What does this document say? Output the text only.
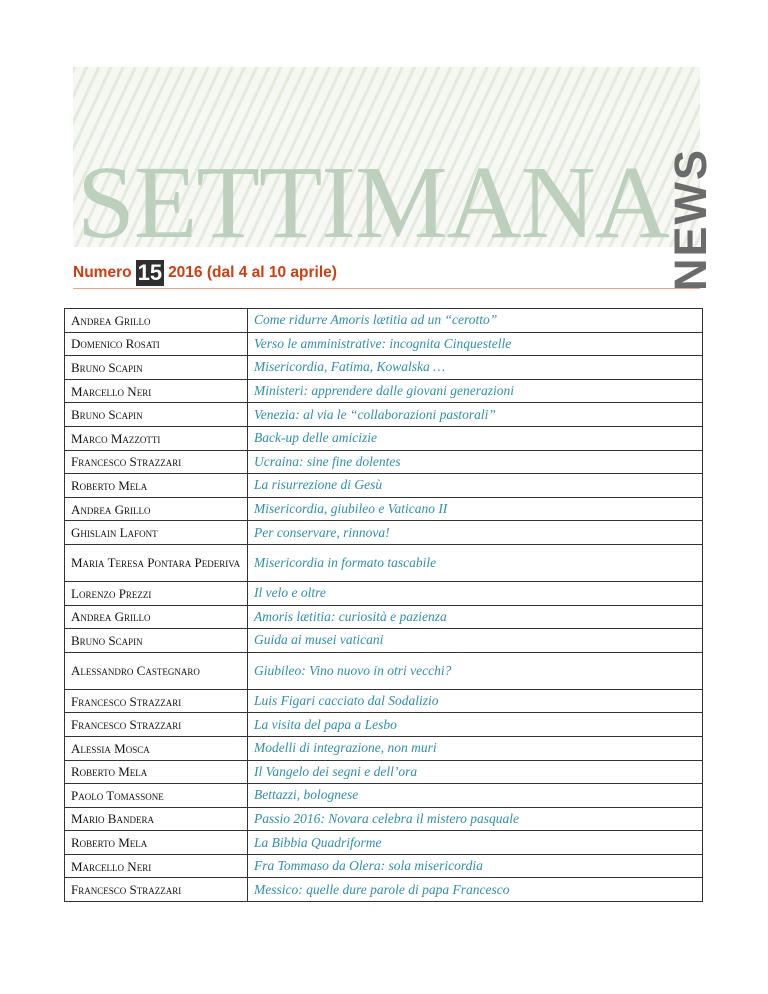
SETTIMANA
NEWS
Numero 15 2016 (dal 4 al 10 aprile)
Andrea Grillo	Come ridurre Amoris lætitia ad un “cerotto”
Domenico Rosati	Verso le amministrative: incognita Cinquestelle
Bruno Scapin	Misericordia, Fatima, Kowalska …
Marcello Neri	Ministeri: apprendere dalle giovani generazioni
Bruno Scapin	Venezia: al via le “collaborazioni pastorali”
Marco Mazzotti	Back-up delle amicizie
Francesco Strazzari	Ucraina: sine fine dolentes
Roberto Mela	La risurrezione di Gesù
Andrea Grillo	Misericordia, giubileo e Vaticano II
Ghislain Lafont	Per conservare, rinnova!
Maria Teresa Pontara Pederiva	Misericordia in formato tascabile
Lorenzo Prezzi	Il velo e oltre
Andrea Grillo	Amoris lætitia: curiosità e pazienza
Bruno Scapin	Guida ai musei vaticani
Alessandro Castegnaro	Giubileo: Vino nuovo in otri vecchi?
Francesco Strazzari	Luis Figari cacciato dal Sodalizio
Francesco Strazzari	La visita del papa a Lesbo
Alessia Mosca	Modelli di integrazione, non muri
Roberto Mela	Il Vangelo dei segni e dell’ora
Paolo Tomassone	Bettazzi, bolognese
Mario Bandera	Passio 2016: Novara celebra il mistero pasquale
Roberto Mela	La Bibbia Quadriforme
Marcello Neri	Fra Tommaso da Olera: sola misericordia
Francesco Strazzari	Messico: quelle dure parole di papa Francesco
